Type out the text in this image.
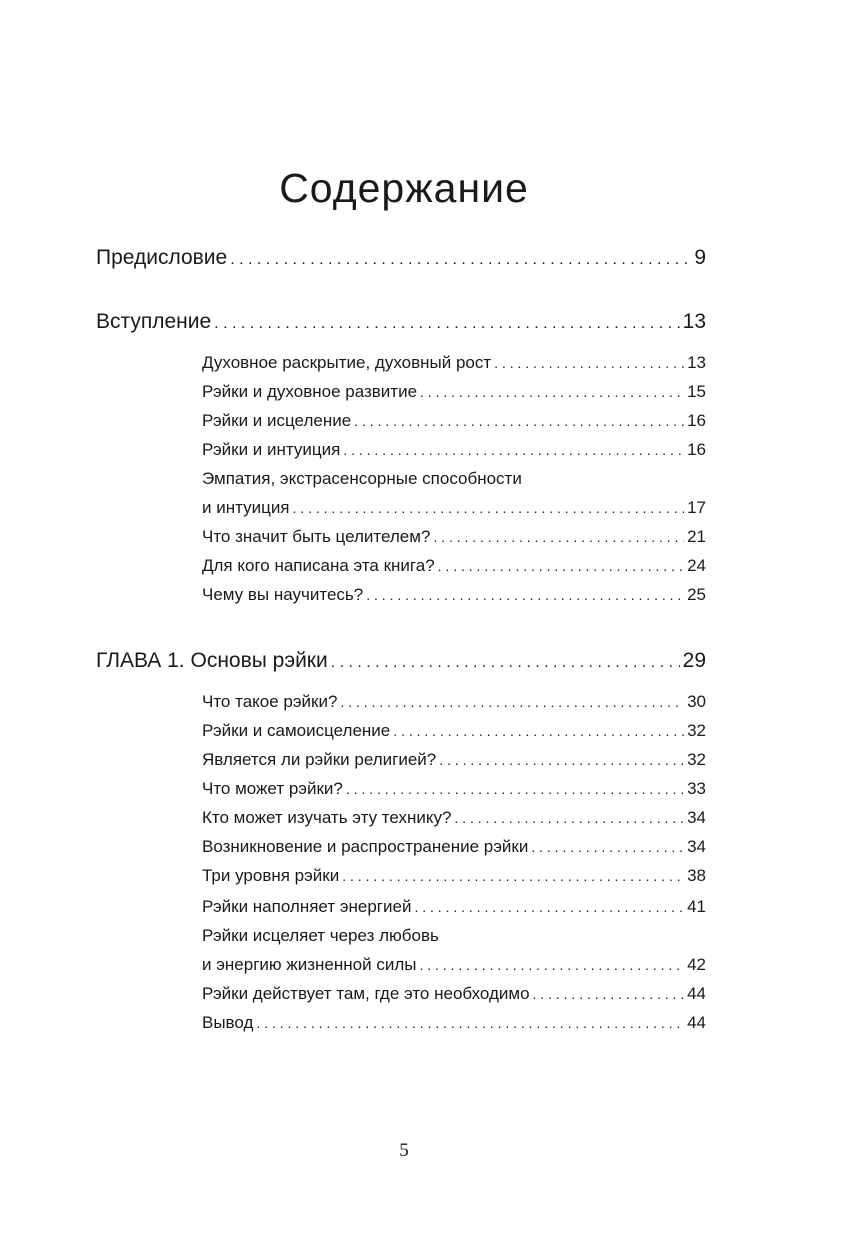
Содержание
Предисловие . . .	9
Вступление . . .	13
Духовное раскрытие, духовный рост . . .	13
Рэйки и духовное развитие . . .	15
Рэйки и исцеление . . .	16
Рэйки и интуиция . . .	16
Эмпатия, экстрасенсорные способности
и интуиция . . .	17
Что значит быть целителем? . . .	21
Для кого написана эта книга? . . .	24
Чему вы научитесь? . . .	25
ГЛАВА 1. Основы рэйки . . .	29
Что такое рэйки? . . .	30
Рэйки и самоисцеление . . .	32
Является ли рэйки религией? . . .	32
Что может рэйки? . . .	33
Кто может изучать эту технику? . . .	34
Возникновение и распространение рэйки . . .	34
Три уровня рэйки . . .	38
Рэйки наполняет энергией . . .	41
Рэйки исцеляет через любовь
и энергию жизненной силы . . .	42
Рэйки действует там, где это необходимо . . .	44
Вывод . . .	44
5
